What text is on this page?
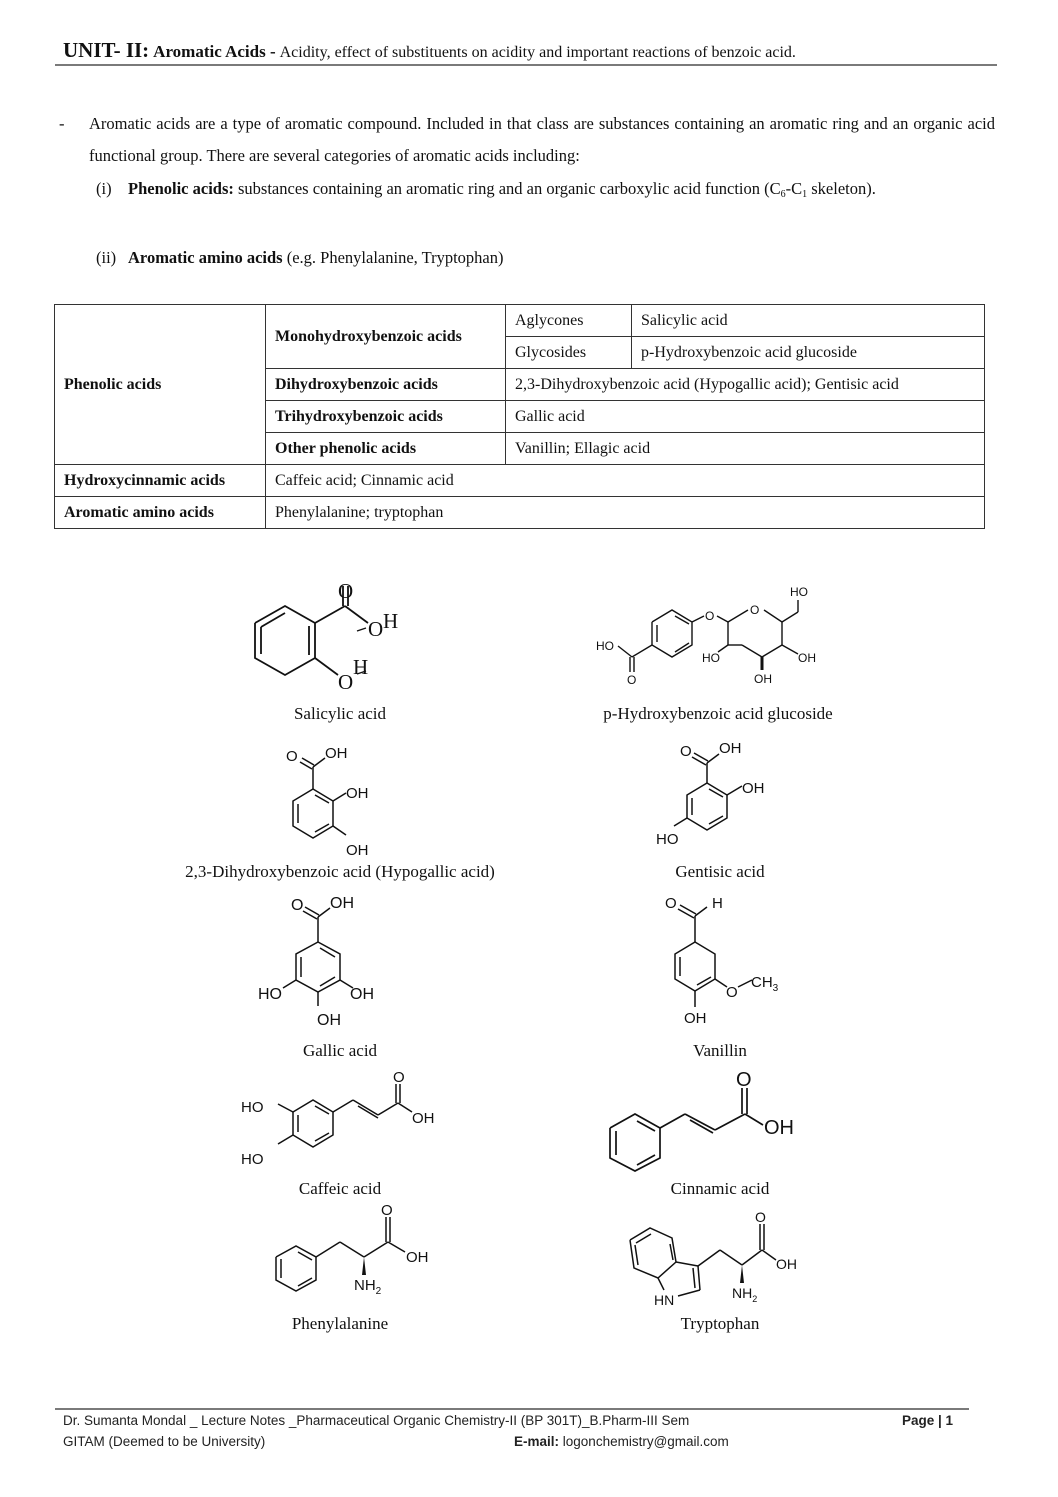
UNIT- II: Aromatic Acids - Acidity, effect of substituents on acidity and important reactions of benzoic acid.
- Aromatic acids are a type of aromatic compound. Included in that class are substances containing an aromatic ring and an organic acid functional group. There are several categories of aromatic acids including:
(i) Phenolic acids: substances containing an aromatic ring and an organic carboxylic acid function ($C_6-C_1$ skeleton).
(ii) Aromatic amino acids (e.g. Phenylalanine, Tryptophan)
Phenolic acids	Monohydroxybenzoic acids	Aglycones	Salicylic acid
		Glycosides	p-Hydroxybenzoic acid glucoside
	Dihydroxybenzoic acids	2,3-Dihydroxybenzoic acid (Hypogallic acid); Gentisic acid	
	Trihydroxybenzoic acids	Gallic acid	
	Other phenolic acids	Vanillin; Ellagic acid	
Hydroxycinnamic acids	Caffeic acid; Cinnamic acid		
Aromatic amino acids	Phenylalanine; tryptophan		
O
O H
O
H
Salicylic acid
HO
HO
O
O	O
HO	OH
OH
p-Hydroxybenzoic acid glucoside
O OH
OH
OH
2,3-Dihydroxybenzoic acid (Hypogallic acid)
O OH
OH
HO
Gentisic acid
O OH
HO	OH
OH
Gallic acid
O H
O
$CH_3$
OH
Vanillin
HO
HO
O
OH
Caffeic acid
O
OH
Cinnamic acid
O
OH
$NH_2$
Phenylalanine
O
OH
$NH_2$
HN
Tryptophan
Dr. Sumanta Mondal _ Lecture Notes _Pharmaceutical Organic Chemistry-II (BP 301T)_B.Pharm-III Sem
GITAM (Deemed to be University)	E-mail: logonchemistry@gmail.com
Page | 1
